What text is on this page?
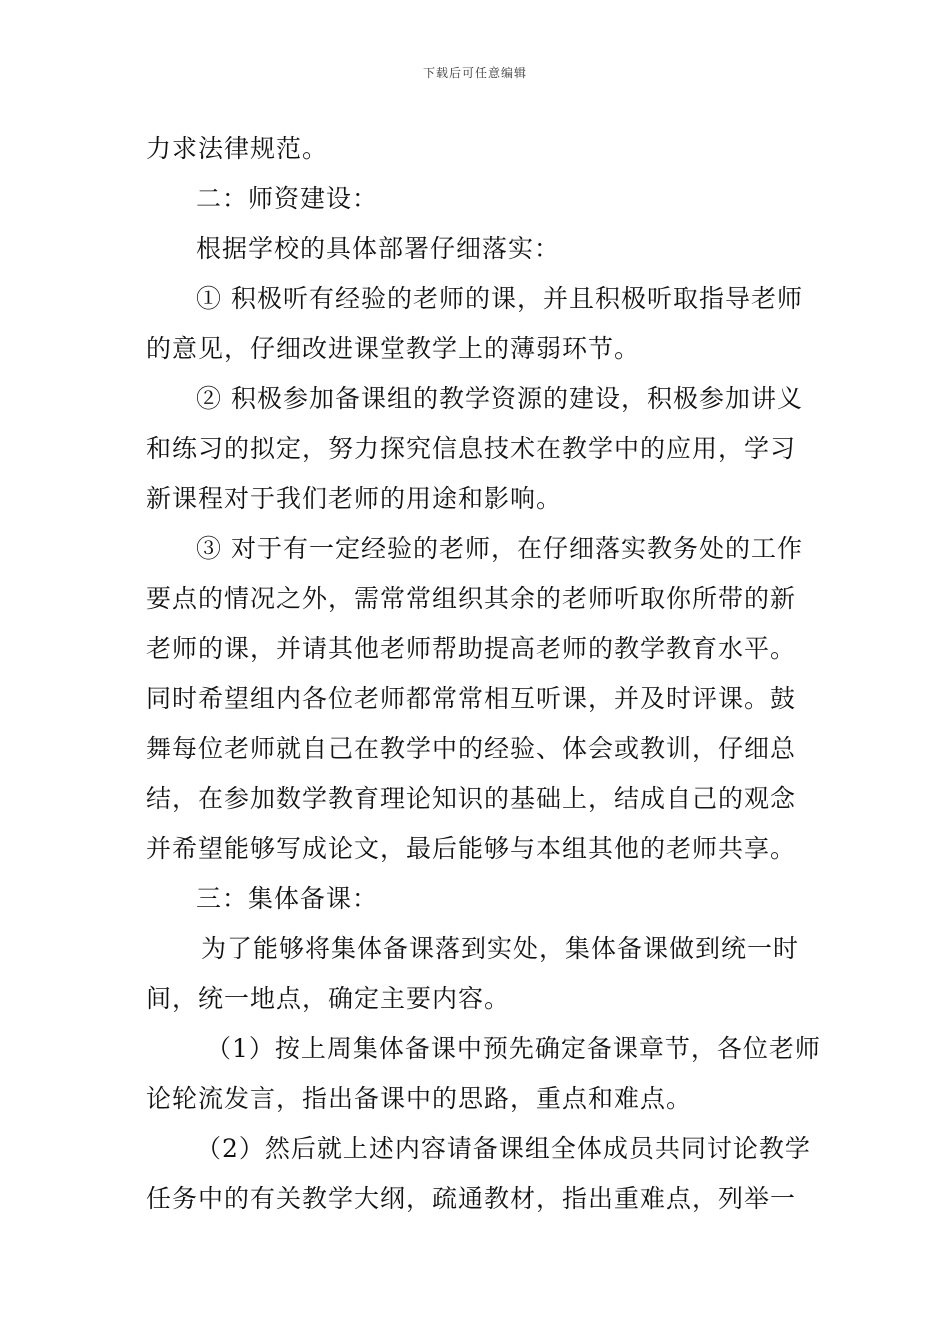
下载后可任意编辑
力求法律规范。
二：师资建设：
根据学校的具体部署仔细落实：
① 积极听有经验的老师的课，并且积极听取指导老师
的意见，仔细改进课堂教学上的薄弱环节。
② 积极参加备课组的教学资源的建设，积极参加讲义
和练习的拟定，努力探究信息技术在教学中的应用，学习
新课程对于我们老师的用途和影响。
③ 对于有一定经验的老师，在仔细落实教务处的工作
要点的情况之外，需常常组织其余的老师听取你所带的新
老师的课，并请其他老师帮助提高老师的教学教育水平。
同时希望组内各位老师都常常相互听课，并及时评课。鼓
舞每位老师就自己在教学中的经验、体会或教训，仔细总
结，在参加数学教育理论知识的基础上，结成自己的观念
并希望能够写成论文，最后能够与本组其他的老师共享。
三：集体备课：
为了能够将集体备课落到实处，集体备课做到统一时
间，统一地点，确定主要内容。
（1）按上周集体备课中预先确定备课章节，各位老师
论轮流发言，指出备课中的思路，重点和难点。
（2）然后就上述内容请备课组全体成员共同讨论教学
任务中的有关教学大纲，疏通教材，指出重难点，列举一
